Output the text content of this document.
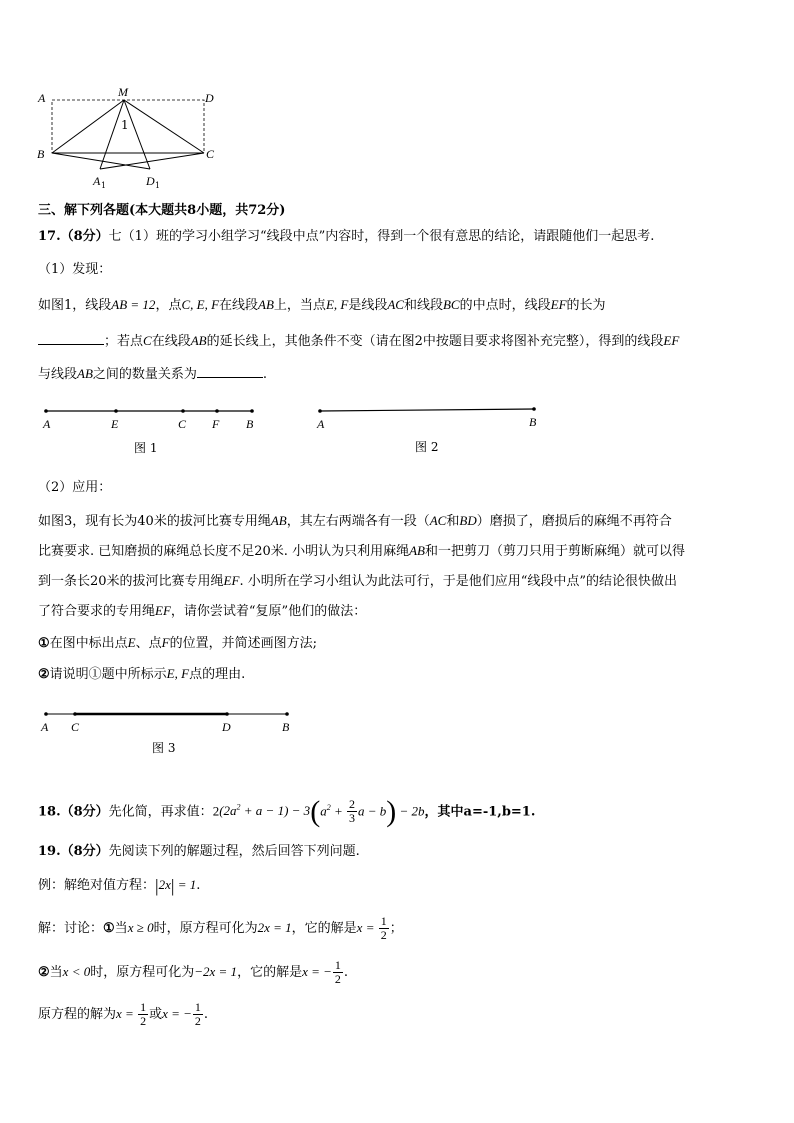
A	M	D
B	C
1
A 1	D 1
三、解下列各题(本大题共8小题，共72分)
17.（8分）七（1）班的学习小组学习“线段中点”内容时，得到一个很有意思的结论，请跟随他们一起思考.
（1）发现：
如图1，线段AB = 12，点C, E, F在线段AB上，当点E, F是线段AC和线段BC的中点时，线段EF的长为
；若点C在线段AB的延长线上，其他条件不变（请在图2中按题目要求将图补充完整），得到的线段EF
与线段AB之间的数量关系为	.
A	E	C F B
图 1
A	B
图 2
（2）应用：
如图3，现有长为40米的拔河比赛专用绳AB，其左右两端各有一段（AC和BD）磨损了，磨损后的麻绳不再符合
比赛要求. 已知磨损的麻绳总长度不足20米. 小明认为只利用麻绳AB和一把剪刀（剪刀只用于剪断麻绳）就可以得
到一条长20米的拔河比赛专用绳EF. 小明所在学习小组认为此法可行，于是他们应用“线段中点”的结论很快做出
了符合要求的专用绳EF，请你尝试着“复原”他们的做法：
①在图中标出点E、点F的位置，并简述画图方法;
②请说明①题中所标示E, F点的理由.
A C	D	B
图 3
18.（8分）先化简，再求值：$2(2a^2 + a - 1) - 3(a^2 + \frac{2}{3}$ a − b) − 2b，其中a=-1,b=1.
19.（8分）先阅读下列的解题过程，然后回答下列问题.
例：解绝对值方程：|2x| = 1.
解：讨论：①当x ≥ 0时，原方程可化为2x = 1，它的解是$x = \frac{1}{2}$ ；
②当x < 0时，原方程可化为−2x = 1，它的解是x = − $\frac{1}{2}$ .
原方程的解为$x = \frac{1}{2}$ 或x = − $\frac{1}{2}$ .
